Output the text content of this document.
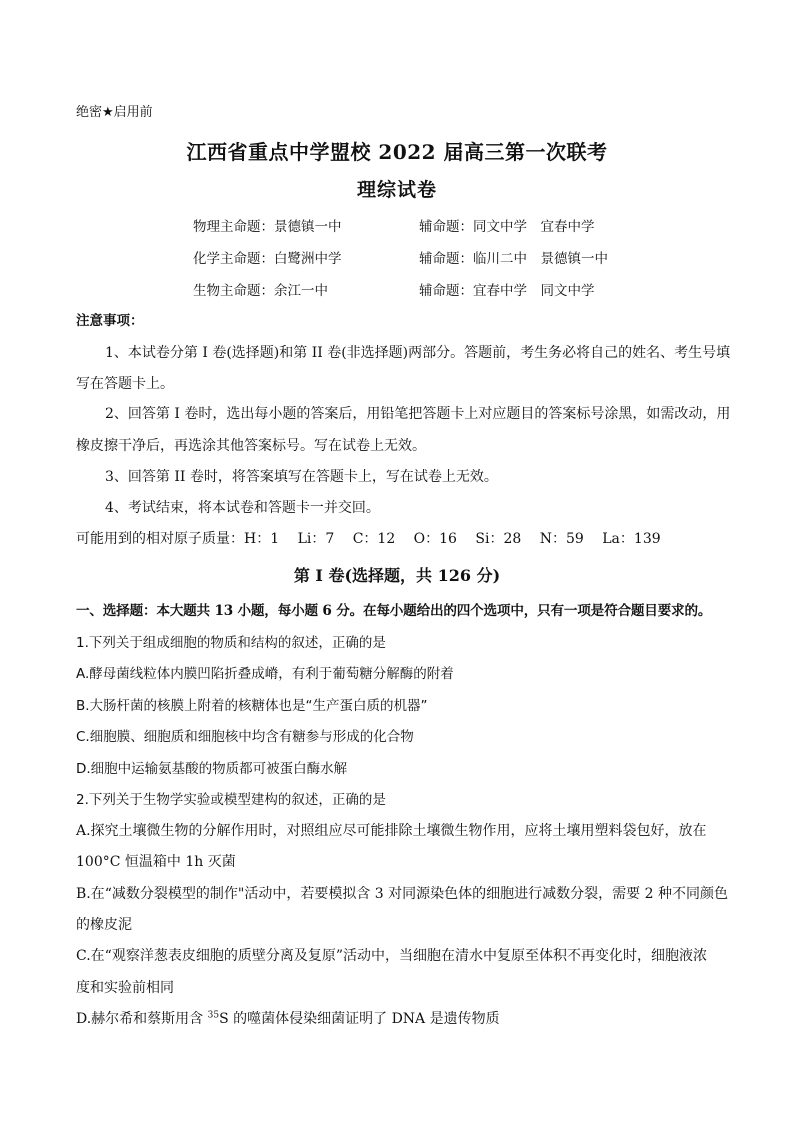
绝密★启用前
江西省重点中学盟校 2022 届高三第一次联考
理综试卷
物理主命题：景德镇一中	辅命题：同文中学　宜春中学
化学主命题：白鹭洲中学	辅命题：临川二中　景德镇一中
生物主命题：余江一中	辅命题：宜春中学　同文中学
注意事项：
1、本试卷分第 I 卷(选择题)和第 II 卷(非选择题)两部分。答题前，考生务必将自己的姓名、考生号填
写在答题卡上。
2、回答第 I 卷时，选出每小题的答案后，用铅笔把答题卡上对应题目的答案标号涂黑，如需改动，用
橡皮擦干净后，再选涂其他答案标号。写在试卷上无效。
3、回答第 II 卷时，将答案填写在答题卡上，写在试卷上无效。
4、考试结束，将本试卷和答题卡一并交回。
可能用到的相对原子质量：H：1　 Li：7　 C：12　 O：16　 Si：28　 N：59　 La：139
第 I 卷(选择题，共 126 分)
一、选择题：本大题共 13 小题，每小题 6 分。在每小题给出的四个选项中，只有一项是符合题目要求的。
1.下列关于组成细胞的物质和结构的叙述，正确的是
A.酵母菌线粒体内膜凹陷折叠成嵴，有利于葡萄糖分解酶的附着
B.大肠杆菌的核膜上附着的核糖体也是“生产蛋白质的机器”
C.细胞膜、细胞质和细胞核中均含有糖参与形成的化合物
D.细胞中运输氨基酸的物质都可被蛋白酶水解
2.下列关于生物学实验或模型建构的叙述，正确的是
A.探究土壤微生物的分解作用时，对照组应尽可能排除土壤微生物作用，应将土壤用塑料袋包好，放在
100°C 恒温箱中 1h 灭菌
B.在“减数分裂模型的制作"活动中，若要模拟含 3 对同源染色体的细胞进行减数分裂，需要 2 种不同颜色
的橡皮泥
C.在“观察洋葱表皮细胞的质壁分离及复原”活动中，当细胞在清水中复原至体积不再变化时，细胞液浓
度和实验前相同
D.赫尔希和蔡斯用含 $^{35}$S 的噬菌体侵染细菌证明了 DNA 是遗传物质
